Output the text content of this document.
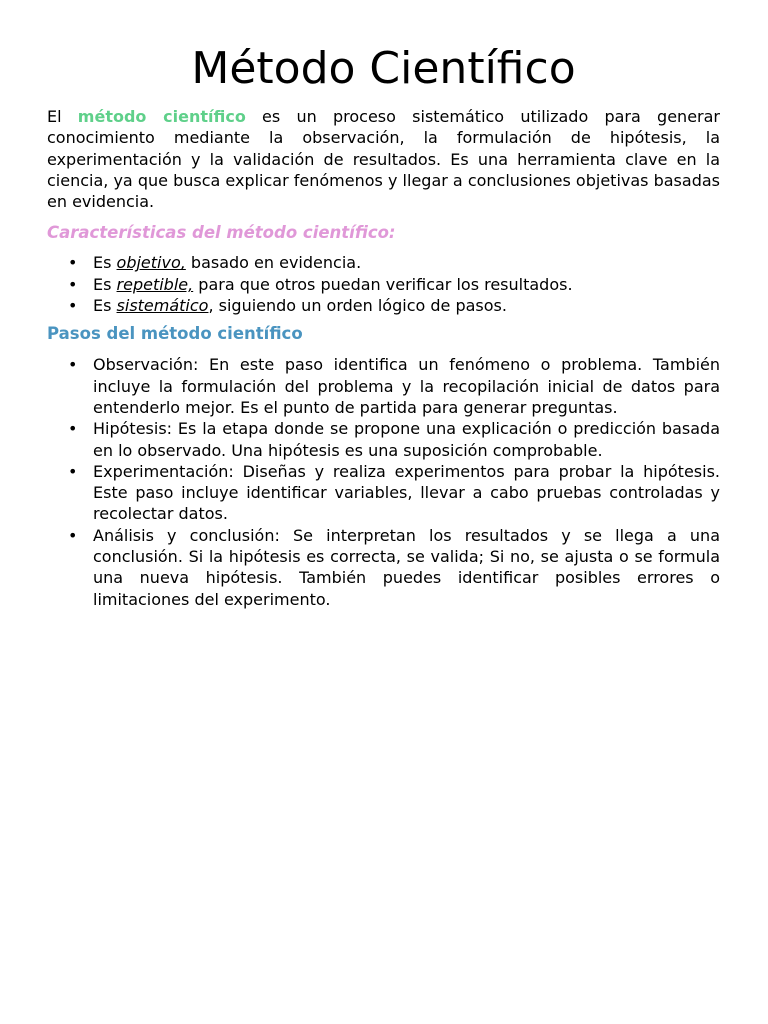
Método Científico

El método científico es un proceso sistemático utilizado para generar conocimiento mediante la observación, la formulación de hipótesis, la experimentación y la validación de resultados. Es una herramienta clave en la ciencia, ya que busca explicar fenómenos y llegar a conclusiones objetivas basadas en evidencia.

Características del método científico:
• Es objetivo, basado en evidencia.
• Es repetible, para que otros puedan verificar los resultados.
• Es sistemático, siguiendo un orden lógico de pasos.
Pasos del método científico
• Observación: En este paso identifica un fenómeno o problema. También incluye la formulación del problema y la recopilación inicial de datos para entenderlo mejor. Es el punto de partida para generar preguntas.
• Hipótesis: Es la etapa donde se propone una explicación o predicción basada en lo observado. Una hipótesis es una suposición comprobable.
• Experimentación: Diseñas y realiza experimentos para probar la hipótesis. Este paso incluye identificar variables, llevar a cabo pruebas controladas y recolectar datos.
• Análisis y conclusión: Se interpretan los resultados y se llega a una conclusión. Si la hipótesis es correcta, se valida; Si no, se ajusta o se formula una nueva hipótesis. También puedes identificar posibles errores o limitaciones del experimento.
